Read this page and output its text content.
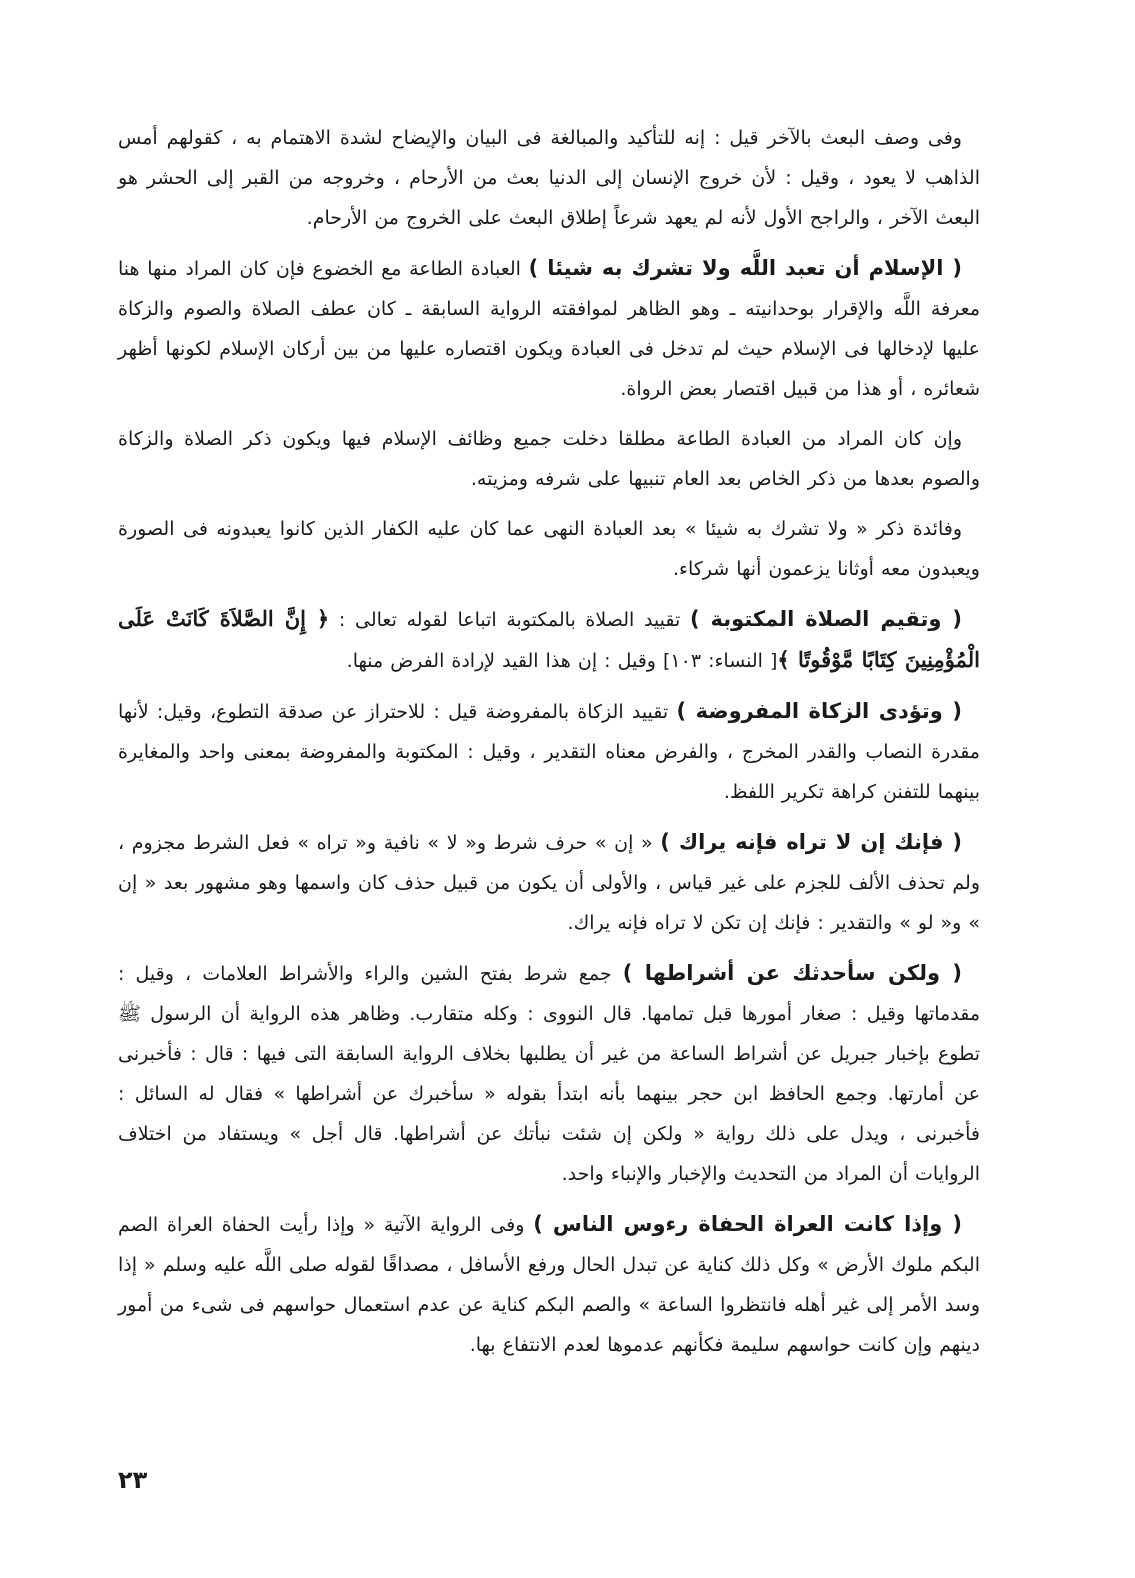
وفى وصف البعث بالآخر قيل : إنه للتأكيد والمبالغة فى البيان والإيضاح لشدة الاهتمام به ، كقولهم أمس الذاهب لا يعود ، وقيل : لأن خروج الإنسان إلى الدنيا بعث من الأرحام ، وخروجه من القبر إلى الحشر هو البعث الآخر ، والراجح الأول لأنه لم يعهد شرعاً إطلاق البعث على الخروج من الأرحام.

( الإسلام أن تعبد اللَّه ولا تشرك به شيئا ) العبادة الطاعة مع الخضوع فإن كان المراد منها هنا معرفة اللَّه والإقرار بوحدانيته ـ وهو الظاهر لموافقته الرواية السابقة ـ كان عطف الصلاة والصوم والزكاة عليها لإدخالها فى الإسلام حيث لم تدخل فى العبادة ويكون اقتصاره عليها من بين أركان الإسلام لكونها أظهر شعائره ، أو هذا من قبيل اقتصار بعض الرواة.

وإن كان المراد من العبادة الطاعة مطلقا دخلت جميع وظائف الإسلام فيها ويكون ذكر الصلاة والزكاة والصوم بعدها من ذكر الخاص بعد العام تنبيها على شرفه ومزيته.

وفائدة ذكر « ولا تشرك به شيئا » بعد العبادة النهى عما كان عليه الكفار الذين كانوا يعبدونه فى الصورة ويعبدون معه أوثانا يزعمون أنها شركاء.

( وتقيم الصلاة المكتوبة ) تقييد الصلاة بالمكتوبة اتباعا لقوله تعالى : ﴿ إِنَّ الصَّلاَةَ كَانَتْ عَلَى الْمُؤْمِنِينَ كِتَابًا مَّوْقُوتًا ﴾[ النساء: ١٠٣] وقيل : إن هذا القيد لإرادة الفرض منها.

( وتؤدى الزكاة المفروضة ) تقييد الزكاة بالمفروضة قيل : للاحتراز عن صدقة التطوع، وقيل: لأنها مقدرة النصاب والقدر المخرج ، والفرض معناه التقدير ، وقيل : المكتوبة والمفروضة بمعنى واحد والمغايرة بينهما للتفنن كراهة تكرير اللفظ.

( فإنك إن لا تراه فإنه يراك ) « إن » حرف شرط و« لا » نافية و« تراه » فعل الشرط مجزوم ، ولم تحذف الألف للجزم على غير قياس ، والأولى أن يكون من قبيل حذف كان واسمها وهو مشهور بعد « إن » و« لو » والتقدير : فإنك إن تكن لا تراه فإنه يراك.

( ولكن سأحدثك عن أشراطها ) جمع شرط بفتح الشين والراء والأشراط العلامات ، وقيل : مقدماتها وقيل : صغار أمورها قبل تمامها. قال النووى : وكله متقارب. وظاهر هذه الرواية أن الرسول ﷺ تطوع بإخبار جبريل عن أشراط الساعة من غير أن يطلبها بخلاف الرواية السابقة التى فيها : قال : فأخبرنى عن أمارتها. وجمع الحافظ ابن حجر بينهما بأنه ابتدأ بقوله « سأخبرك عن أشراطها » فقال له السائل : فأخبرنى ، ويدل على ذلك رواية « ولكن إن شئت نبأتك عن أشراطها. قال أجل » ويستفاد من اختلاف الروايات أن المراد من التحديث والإخبار والإنباء واحد.

( وإذا كانت العراة الحفاة رءوس الناس ) وفى الرواية الآتية « وإذا رأيت الحفاة العراة الصم البكم ملوك الأرض » وكل ذلك كناية عن تبدل الحال ورفع الأسافل ، مصداقًا لقوله صلى اللَّه عليه وسلم « إذا وسد الأمر إلى غير أهله فانتظروا الساعة » والصم البكم كناية عن عدم استعمال حواسهم فى شىء من أمور دينهم وإن كانت حواسهم سليمة فكأنهم عدموها لعدم الانتفاع بها.

٢٣
